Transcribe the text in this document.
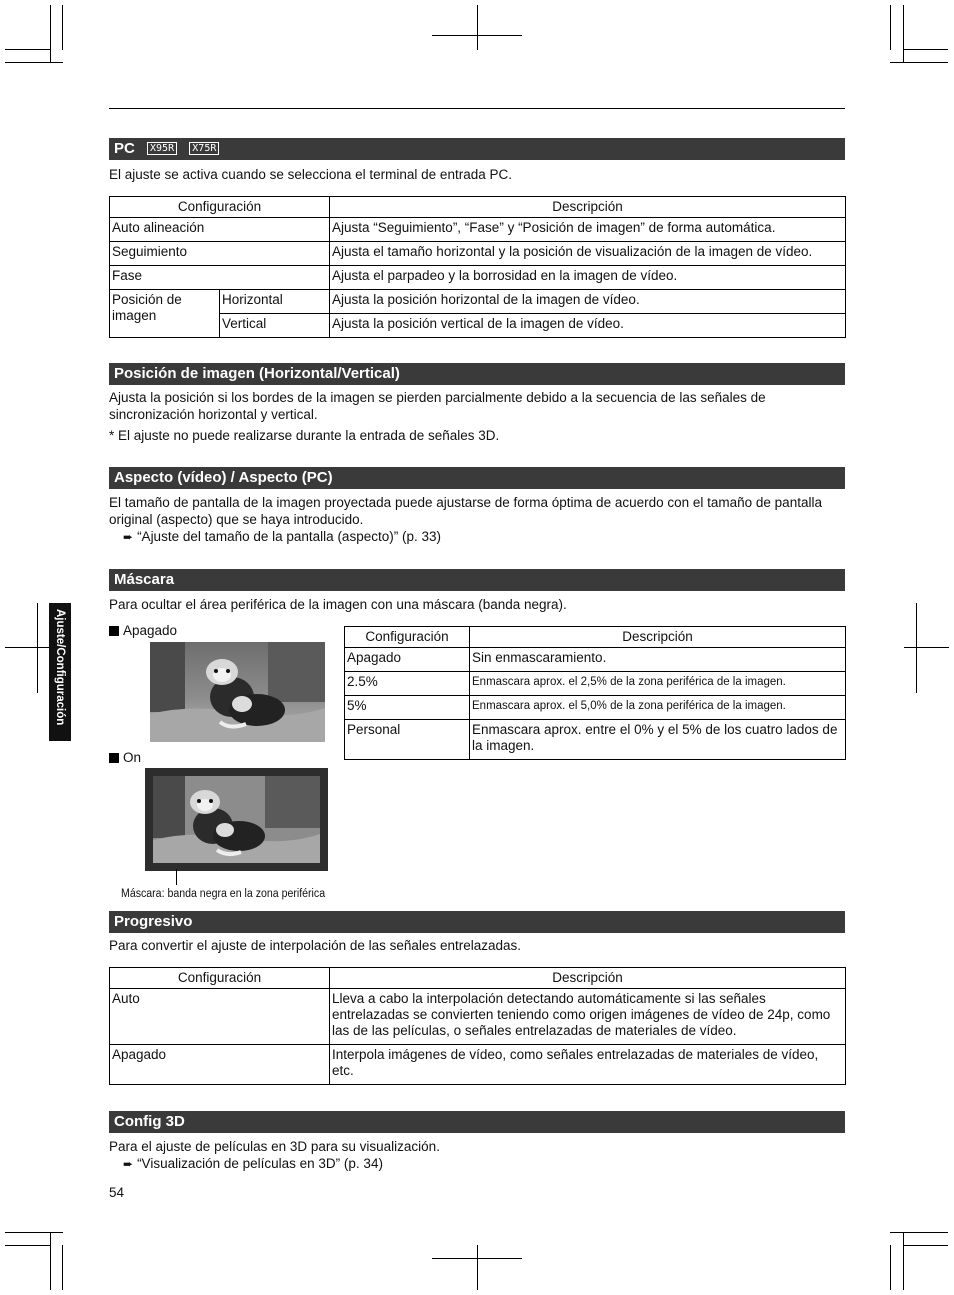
PC X95R X75R
El ajuste se activa cuando se selecciona el terminal de entrada PC.
Configuración		Descripción
Auto alineación		Ajusta “Seguimiento”, “Fase” y “Posición de imagen” de forma automática.
Seguimiento		Ajusta el tamaño horizontal y la posición de visualización de la imagen de vídeo.
Fase		Ajusta el parpadeo y la borrosidad en la imagen de vídeo.
Posición de imagen	Horizontal	Ajusta la posición horizontal de la imagen de vídeo.
	Vertical	Ajusta la posición vertical de la imagen de vídeo.
Posición de imagen (Horizontal/Vertical)
Ajusta la posición si los bordes de la imagen se pierden parcialmente debido a la secuencia de las señales de sincronización horizontal y vertical.
* El ajuste no puede realizarse durante la entrada de señales 3D.
Aspecto (vídeo) / Aspecto (PC)
El tamaño de pantalla de la imagen proyectada puede ajustarse de forma óptima de acuerdo con el tamaño de pantalla original (aspecto) que se haya introducido.
➨ “Ajuste del tamaño de la pantalla (aspecto)” (p. 33)
Máscara
Para ocultar el área periférica de la imagen con una máscara (banda negra).
Ajuste/Configuración	Apagado
On
Máscara: banda negra en la zona periférica
Configuración	Descripción
Apagado	Sin enmascaramiento.
2.5%	Enmascara aprox. el 2,5% de la zona periférica de la imagen.
5%	Enmascara aprox. el 5,0% de la zona periférica de la imagen.
Personal	Enmascara aprox. entre el 0% y el 5% de los cuatro lados de la imagen.
Progresivo
Para convertir el ajuste de interpolación de las señales entrelazadas.
Configuración	Descripción
Auto	Lleva a cabo la interpolación detectando automáticamente si las señales entrelazadas se convierten teniendo como origen imágenes de vídeo de 24p, como las de las películas, o señales entrelazadas de materiales de vídeo.
Apagado	Interpola imágenes de vídeo, como señales entrelazadas de materiales de vídeo, etc.
Config 3D
Para el ajuste de películas en 3D para su visualización.
➨ “Visualización de películas en 3D” (p. 34)
54
